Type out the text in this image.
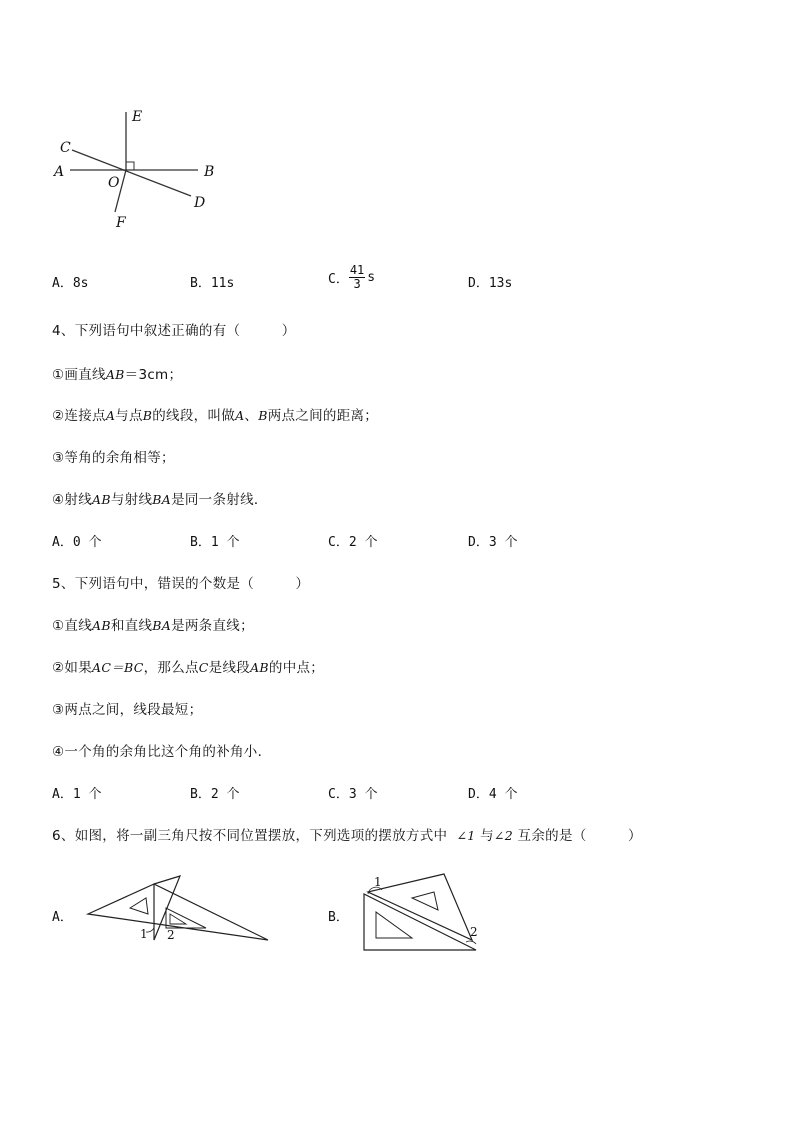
E
C
A
O
B
D
F
A．8s	B．11s	C． $\frac{41}{3}$ s	D．13s
4、下列语句中叙述正确的有（　　　）
①画直线AB＝3cm；
②连接点A与点B的线段，叫做A、B两点之间的距离；
③等角的余角相等；
④射线AB与射线BA是同一条射线．
A．0 个	B．1 个	C．2 个	D．3 个
5、下列语句中，错误的个数是（　　　）
①直线AB和直线BA是两条直线；
②如果AC＝BC，那么点C是线段AB的中点；
③两点之间，线段最短；
④一个角的余角比这个角的补角小．
A．1 个	B．2 个	C．3 个	D．4 个
6、如图，将一副三角尺按不同位置摆放，下列选项的摆放方式中 ∠1 与∠2 互余的是（　　　）
A．
1 2
B．
1
2
